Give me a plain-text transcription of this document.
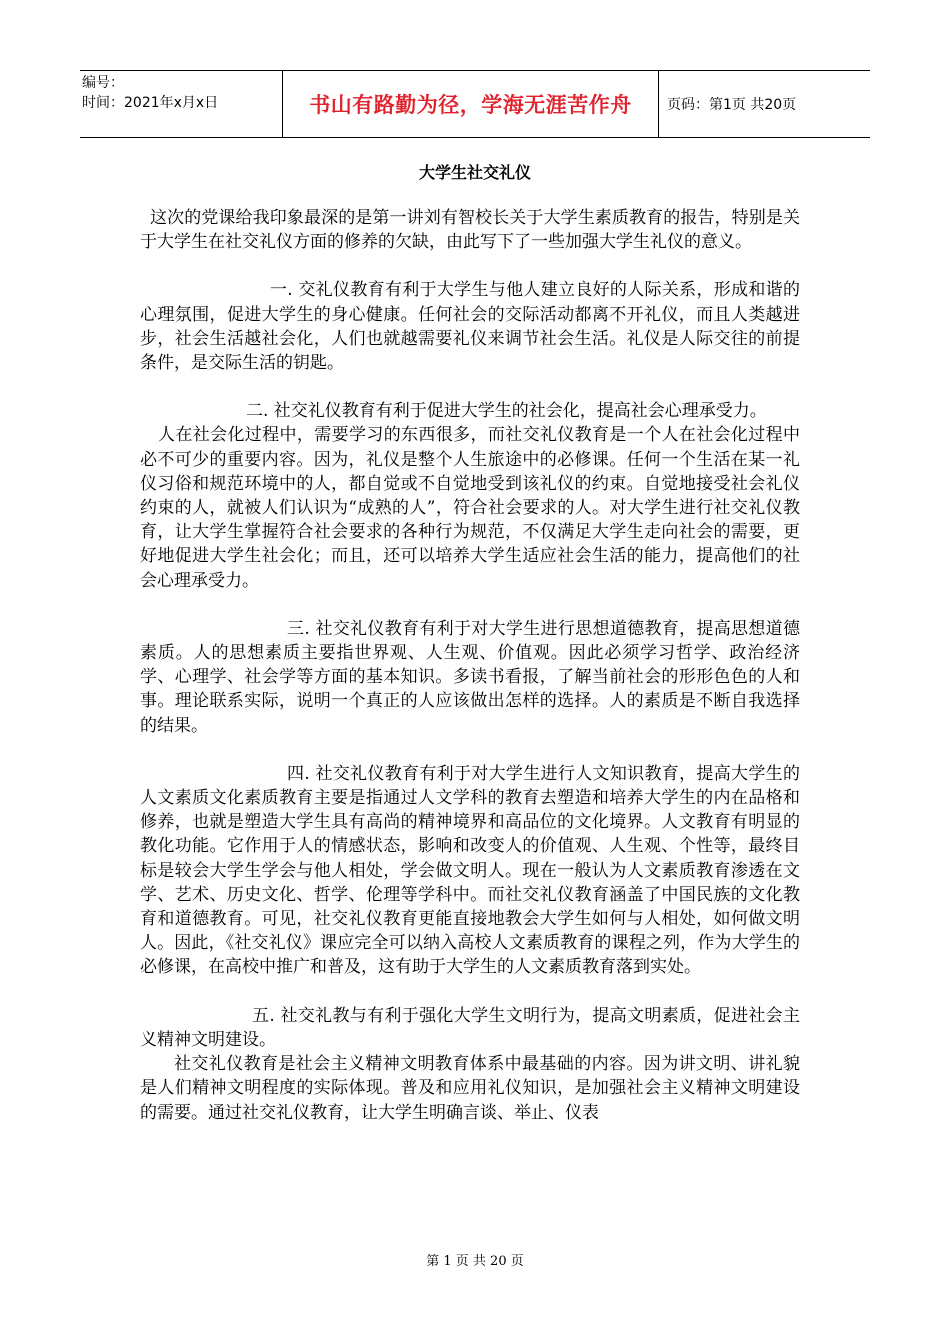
编号：
时间：2021年x月x日	书山有路勤为径，学海无涯苦作舟	页码：第1页 共20页
大学生社交礼仪

这次的党课给我印象最深的是第一讲刘有智校长关于大学生素质教育的报告，特别是关于大学生在社交礼仪方面的修养的欠缺，由此写下了一些加强大学生礼仪的意义。

一. 交礼仪教育有利于大学生与他人建立良好的人际关系，形成和谐的心理氛围，促进大学生的身心健康。任何社会的交际活动都离不开礼仪，而且人类越进步，社会生活越社会化，人们也就越需要礼仪来调节社会生活。礼仪是人际交往的前提条件，是交际生活的钥匙。

二. 社交礼仪教育有利于促进大学生的社会化，提高社会心理承受力。

人在社会化过程中，需要学习的东西很多，而社交礼仪教育是一个人在社会化过程中必不可少的重要内容。因为，礼仪是整个人生旅途中的必修课。任何一个生活在某一礼仪习俗和规范环境中的人，都自觉或不自觉地受到该礼仪的约束。自觉地接受社会礼仪约束的人，就被人们认识为“成熟的人”，符合社会要求的人。对大学生进行社交礼仪教育，让大学生掌握符合社会要求的各种行为规范，不仅满足大学生走向社会的需要，更好地促进大学生社会化；而且，还可以培养大学生适应社会生活的能力，提高他们的社会心理承受力。

三. 社交礼仪教育有利于对大学生进行思想道德教育，提高思想道德素质。人的思想素质主要指世界观、人生观、价值观。因此必须学习哲学、政治经济学、心理学、社会学等方面的基本知识。多读书看报，了解当前社会的形形色色的人和事。理论联系实际，说明一个真正的人应该做出怎样的选择。人的素质是不断自我选择的结果。

四. 社交礼仪教育有利于对大学生进行人文知识教育，提高大学生的人文素质文化素质教育主要是指通过人文学科的教育去塑造和培养大学生的内在品格和修养，也就是塑造大学生具有高尚的精神境界和高品位的文化境界。人文教育有明显的教化功能。它作用于人的情感状态，影响和改变人的价值观、人生观、个性等，最终目标是较会大学生学会与他人相处，学会做文明人。现在一般认为人文素质教育渗透在文学、艺术、历史文化、哲学、伦理等学科中。而社交礼仪教育涵盖了中国民族的文化教育和道德教育。可见，社交礼仪教育更能直接地教会大学生如何与人相处，如何做文明人。因此，《社交礼仪》课应完全可以纳入高校人文素质教育的课程之列，作为大学生的必修课，在高校中推广和普及，这有助于大学生的人文素质教育落到实处。

五. 社交礼教与有利于强化大学生文明行为，提高文明素质，促进社会主义精神文明建设。

社交礼仪教育是社会主义精神文明教育体系中最基础的内容。因为讲文明、讲礼貌是人们精神文明程度的实际体现。普及和应用礼仪知识，是加强社会主义精神文明建设的需要。通过社交礼仪教育，让大学生明确言谈、举止、仪表

第 1 页 共 20 页
